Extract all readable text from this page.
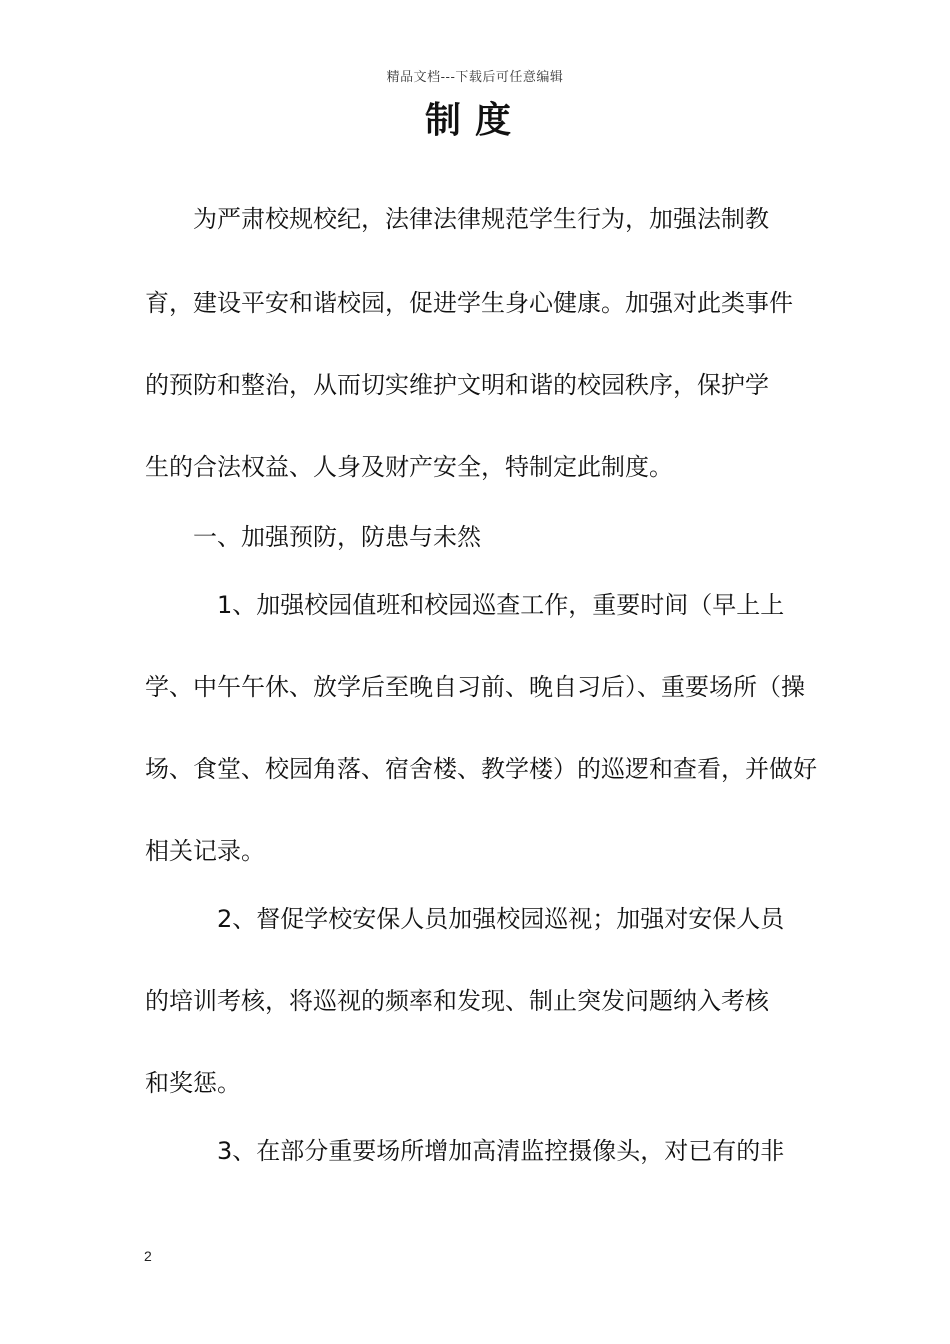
精品文档---下载后可任意编辑
制度
为严肃校规校纪，法律法律规范学生行为，加强法制教
育，建设平安和谐校园，促进学生身心健康。加强对此类事件
的预防和整治，从而切实维护文明和谐的校园秩序，保护学
生的合法权益、人身及财产安全，特制定此制度。
一、加强预防，防患与未然
1、加强校园值班和校园巡查工作，重要时间（早上上
学、中午午休、放学后至晚自习前、晚自习后）、重要场所（操
场、食堂、校园角落、宿舍楼、教学楼）的巡逻和查看，并做好
相关记录。
2、督促学校安保人员加强校园巡视；加强对安保人员
的培训考核，将巡视的频率和发现、制止突发问题纳入考核
和奖惩。
3、在部分重要场所增加高清监控摄像头，对已有的非
2
